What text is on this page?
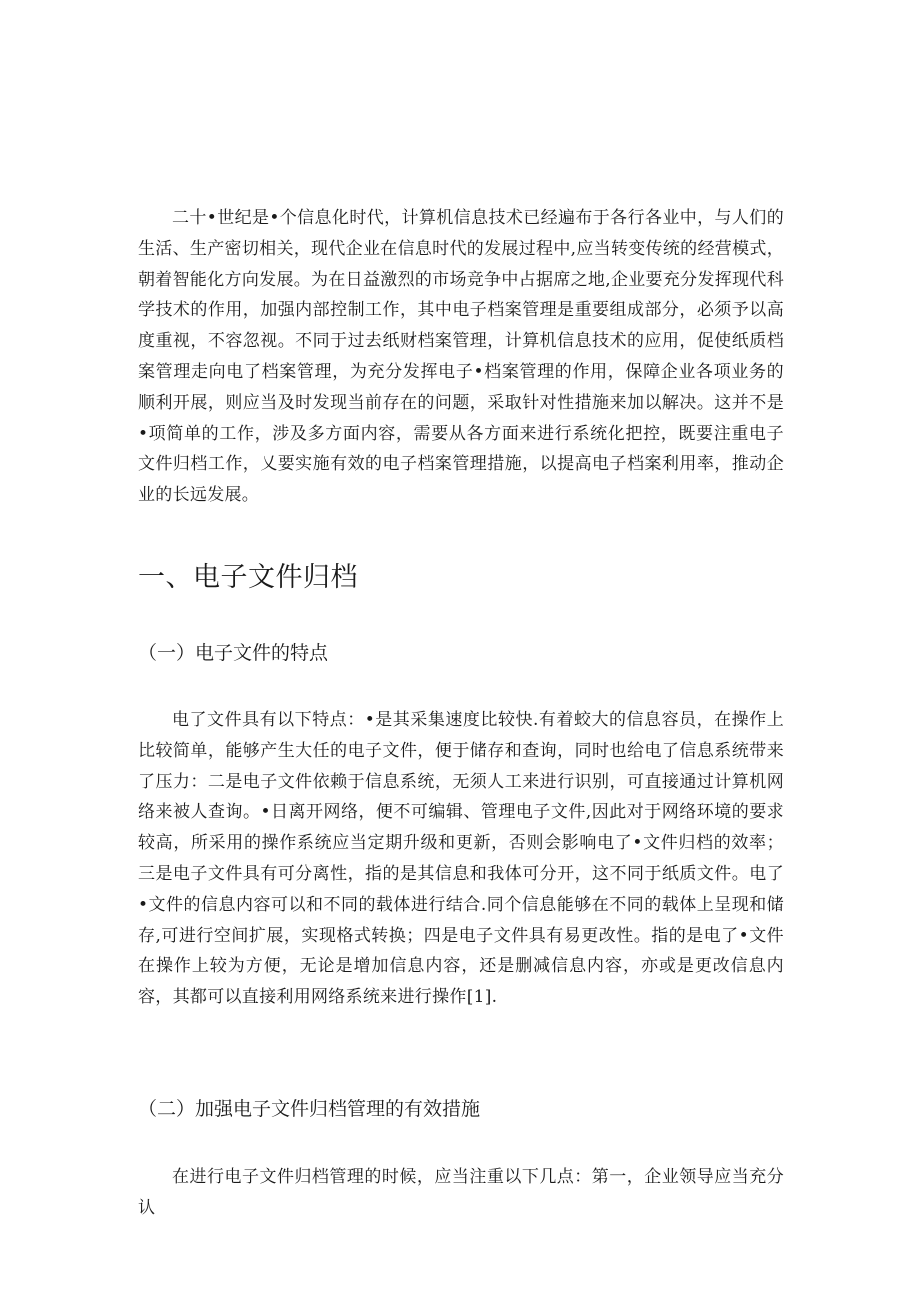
二十•世纪是•个信息化时代，计算机信息技术已经遍布于各行各业中，与人们的生活、生产密切相关，现代企业在信息时代的发展过程中,应当转变传统的经营模式，朝着智能化方向发展。为在日益激烈的市场竞争中占据席之地,企业要充分发挥现代科学技术的作用，加强内部控制工作，其中电子档案管理是重要组成部分，必须予以高度重视，不容忽视。不同于过去纸财档案管理，计算机信息技术的应用，促使纸质档案管理走向电了档案管理，为充分发挥电子•档案管理的作用，保障企业各项业务的顺利开展，则应当及时发现当前存在的问题，采取针对性措施来加以解决。这并不是•项简单的工作，涉及多方面内容，需要从各方面来进行系统化把控，既要注重电子文件归档工作，乂要实施有效的电子档案管理措施，以提高电子档案利用率，推动企业的长远发展。

一、电子文件归档
（一）电子文件的特点

电了文件具有以下特点：•是其采集速度比较快.有着蛟大的信息容员，在操作上比较简单，能够产生大任的电子文件，便于储存和查询，同时也给电了信息系统带来了压力：二是电子文件依赖于信息系统，无须人工来进行识别，可直接通过计算机网络来被人查询。•日离开网络，便不可编辑、管理电子文件,因此对于网络环境的要求较高，所采用的操作系统应当定期升级和更新，否则会影响电了•文件归档的效率；三是电子文件具有可分离性，指的是其信息和我体可分开，这不同于纸质文件。电了•文件的信息内容可以和不同的载体进行结合.同个信息能够在不同的载体上呈现和储存,可进行空间扩展，实现格式转换；四是电子文件具有易更改性。指的是电了•文件在操作上较为方便，无论是增加信息内容，还是删减信息内容，亦或是更改信息内容，其都可以直接利用网络系统来进行操作[1].

（二）加强电子文件归档管理的有效措施

在进行电子文件归档管理的时候，应当注重以下几点：第一，企业领导应当充分认
